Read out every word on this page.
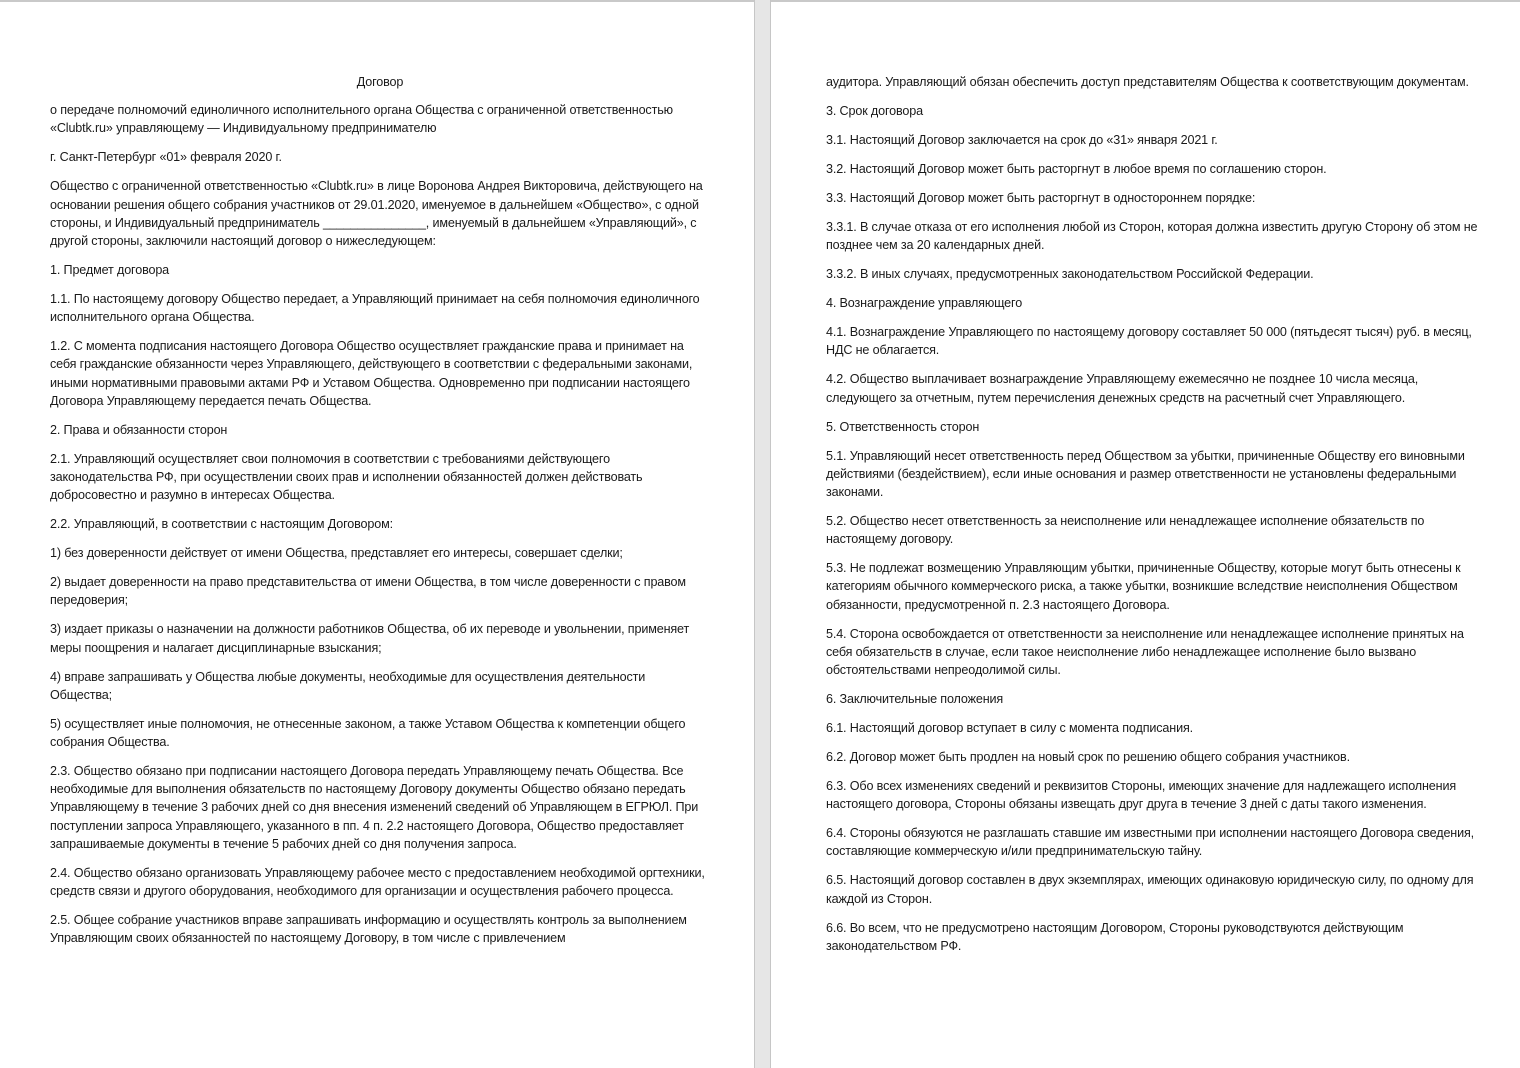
Договор

о передаче полномочий единоличного исполнительного органа Общества с ограниченной ответственностью «Clubtk.ru» управляющему — Индивидуальному предпринимателю

г. Санкт-Петербург «01» февраля 2020 г.

Общество с ограниченной ответственностью «Clubtk.ru» в лице Воронова Андрея Викторовича, действующего на основании решения общего собрания участников от 29.01.2020, именуемое в дальнейшем «Общество», с одной стороны, и Индивидуальный предприниматель _______________, именуемый в дальнейшем «Управляющий», с другой стороны, заключили настоящий договор о нижеследующем:

1. Предмет договора

1.1. По настоящему договору Общество передает, а Управляющий принимает на себя полномочия единоличного исполнительного органа Общества.

1.2. С момента подписания настоящего Договора Общество осуществляет гражданские права и принимает на себя гражданские обязанности через Управляющего, действующего в соответствии с федеральными законами, иными нормативными правовыми актами РФ и Уставом Общества. Одновременно при подписании настоящего Договора Управляющему передается печать Общества.

2. Права и обязанности сторон

2.1. Управляющий осуществляет свои полномочия в соответствии с требованиями действующего законодательства РФ, при осуществлении своих прав и исполнении обязанностей должен действовать добросовестно и разумно в интересах Общества.

2.2. Управляющий, в соответствии с настоящим Договором:

1) без доверенности действует от имени Общества, представляет его интересы, совершает сделки;

2) выдает доверенности на право представительства от имени Общества, в том числе доверенности с правом передоверия;

3) издает приказы о назначении на должности работников Общества, об их переводе и увольнении, применяет меры поощрения и налагает дисциплинарные взыскания;

4) вправе запрашивать у Общества любые документы, необходимые для осуществления деятельности Общества;

5) осуществляет иные полномочия, не отнесенные законом, а также Уставом Общества к компетенции общего собрания Общества.

2.3. Общество обязано при подписании настоящего Договора передать Управляющему печать Общества. Все необходимые для выполнения обязательств по настоящему Договору документы Общество обязано передать Управляющему в течение 3 рабочих дней со дня внесения изменений сведений об Управляющем в ЕГРЮЛ. При поступлении запроса Управляющего, указанного в пп. 4 п. 2.2 настоящего Договора, Общество предоставляет запрашиваемые документы в течение 5 рабочих дней со дня получения запроса.

2.4. Общество обязано организовать Управляющему рабочее место с предоставлением необходимой оргтехники, средств связи и другого оборудования, необходимого для организации и осуществления рабочего процесса.

2.5. Общее собрание участников вправе запрашивать информацию и осуществлять контроль за выполнением Управляющим своих обязанностей по настоящему Договору, в том числе с привлечением

аудитора. Управляющий обязан обеспечить доступ представителям Общества к соответствующим документам.

3. Срок договора

3.1. Настоящий Договор заключается на срок до «31» января 2021 г.

3.2. Настоящий Договор может быть расторгнут в любое время по соглашению сторон.

3.3. Настоящий Договор может быть расторгнут в одностороннем порядке:

3.3.1. В случае отказа от его исполнения любой из Сторон, которая должна известить другую Сторону об этом не позднее чем за 20 календарных дней.

3.3.2. В иных случаях, предусмотренных законодательством Российской Федерации.

4. Вознаграждение управляющего

4.1. Вознаграждение Управляющего по настоящему договору составляет 50 000 (пятьдесят тысяч) руб. в месяц, НДС не облагается.

4.2. Общество выплачивает вознаграждение Управляющему ежемесячно не позднее 10 числа месяца, следующего за отчетным, путем перечисления денежных средств на расчетный счет Управляющего.

5. Ответственность сторон

5.1. Управляющий несет ответственность перед Обществом за убытки, причиненные Обществу его виновными действиями (бездействием), если иные основания и размер ответственности не установлены федеральными законами.

5.2. Общество несет ответственность за неисполнение или ненадлежащее исполнение обязательств по настоящему договору.

5.3. Не подлежат возмещению Управляющим убытки, причиненные Обществу, которые могут быть отнесены к категориям обычного коммерческого риска, а также убытки, возникшие вследствие неисполнения Обществом обязанности, предусмотренной п. 2.3 настоящего Договора.

5.4. Сторона освобождается от ответственности за неисполнение или ненадлежащее исполнение принятых на себя обязательств в случае, если такое неисполнение либо ненадлежащее исполнение было вызвано обстоятельствами непреодолимой силы.

6. Заключительные положения

6.1. Настоящий договор вступает в силу с момента подписания.

6.2. Договор может быть продлен на новый срок по решению общего собрания участников.

6.3. Обо всех изменениях сведений и реквизитов Стороны, имеющих значение для надлежащего исполнения настоящего договора, Стороны обязаны извещать друг друга в течение 3 дней с даты такого изменения.

6.4. Стороны обязуются не разглашать ставшие им известными при исполнении настоящего Договора сведения, составляющие коммерческую и/или предпринимательскую тайну.

6.5. Настоящий договор составлен в двух экземплярах, имеющих одинаковую юридическую силу, по одному для каждой из Сторон.

6.6. Во всем, что не предусмотрено настоящим Договором, Стороны руководствуются действующим законодательством РФ.
